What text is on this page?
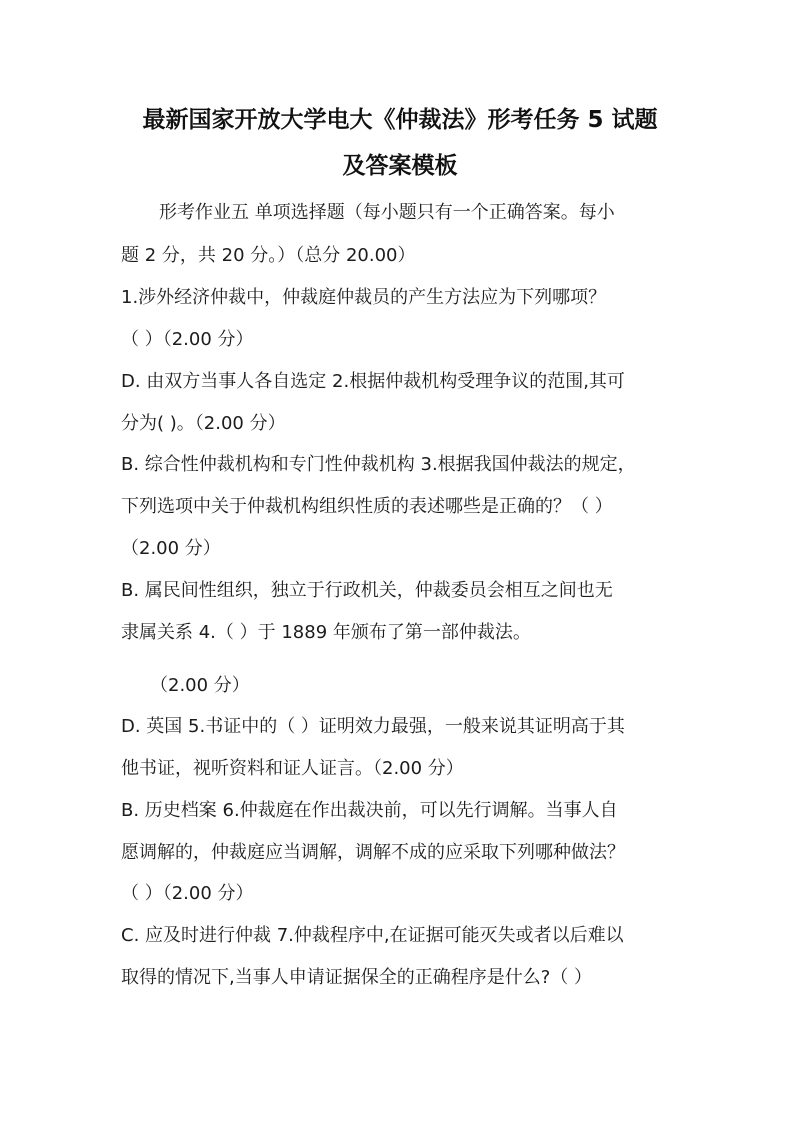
最新国家开放大学电大《仲裁法》形考任务 5 试题
及答案模板
形考作业五 单项选择题（每小题只有一个正确答案。每小
题 2 分，共 20 分。）（总分 20.00）
1.涉外经济仲裁中，仲裁庭仲裁员的产生方法应为下列哪项？
（ ）（2.00 分）
D. 由双方当事人各自选定 2.根据仲裁机构受理争议的范围,其可
分为( )。（2.00 分）
B. 综合性仲裁机构和专门性仲裁机构 3.根据我国仲裁法的规定，
下列选项中关于仲裁机构组织性质的表述哪些是正确的？（ ）
（2.00 分）
B. 属民间性组织，独立于行政机关，仲裁委员会相互之间也无
隶属关系 4.（ ）于 1889 年颁布了第一部仲裁法。
（2.00 分）
D. 英国 5.书证中的（ ）证明效力最强，一般来说其证明高于其
他书证，视听资料和证人证言。（2.00 分）
B. 历史档案 6.仲裁庭在作出裁决前，可以先行调解。当事人自
愿调解的，仲裁庭应当调解，调解不成的应采取下列哪种做法？
（ ）（2.00 分）
C. 应及时进行仲裁 7.仲裁程序中,在证据可能灭失或者以后难以
取得的情况下,当事人申请证据保全的正确程序是什么?（ ）
